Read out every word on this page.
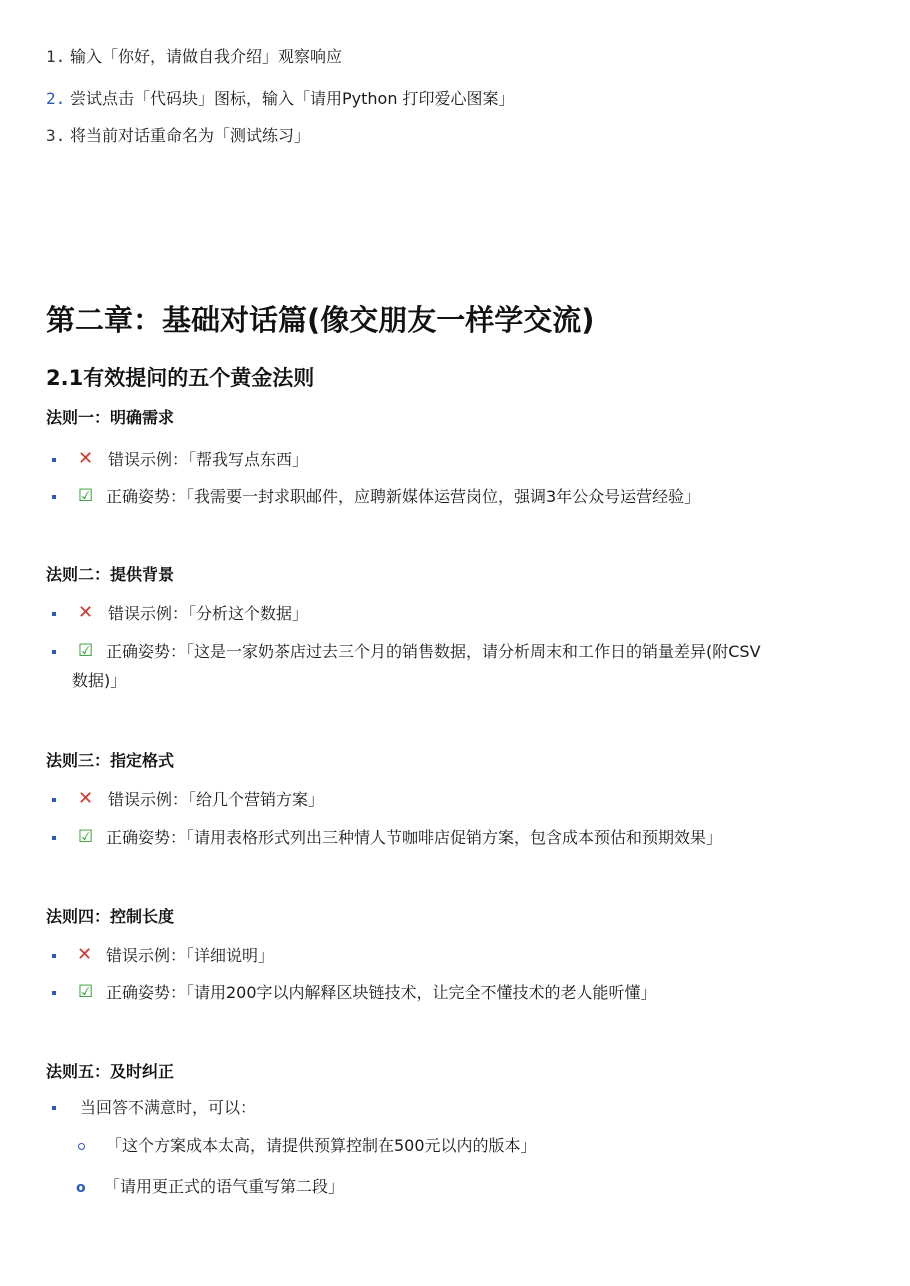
1. 输入「你好，请做自我介绍」观察响应
2. 尝试点击「代码块」图标，输入「请用Python 打印爱心图案」
3. 将当前对话重命名为「测试练习」
第二章：基础对话篇(像交朋友一样学交流)
2.1有效提问的五个黄金法则
法则一：明确需求
✕ 错误示例：「帮我写点东西」
☑ 正确姿势：「我需要一封求职邮件，应聘新媒体运营岗位，强调3年公众号运营经验」
法则二：提供背景
✕ 错误示例：「分析这个数据」
☑ 正确姿势：「这是一家奶茶店过去三个月的销售数据，请分析周末和工作日的销量差异(附CSV
数据)」
法则三：指定格式
✕ 错误示例：「给几个营销方案」
☑ 正确姿势：「请用表格形式列出三种情人节咖啡店促销方案，包含成本预估和预期效果」
法则四：控制长度
✕ 错误示例：「详细说明」
☑ 正确姿势：「请用200字以内解释区块链技术，让完全不懂技术的老人能听懂」
法则五：及时纠正
当回答不满意时，可以：
「这个方案成本太高，请提供预算控制在500元以内的版本」
o 「请用更正式的语气重写第二段」
